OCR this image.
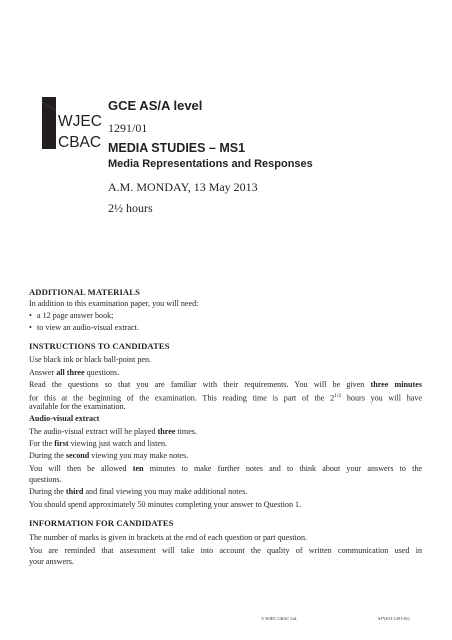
WJEC
CBAC
GCE AS/A level
1291/01
MEDIA STUDIES – MS1
Media Representations and Responses
A.M. MONDAY, 13 May 2013
2½ hours
ADDITIONAL MATERIALS
In addition to this examination paper, you will need:
• a 12 page answer book;
• to view an audio-visual extract.
INSTRUCTIONS TO CANDIDATES
Use black ink or black ball-point pen.
Answer all three questions.
Read the questions so that you are familiar with their requirements. You will be given three minutes
for this at the beginning of the examination. This reading time is part of the $2^{1/2}$ hours you will have
available for the examination.
Audio-visual extract
The audio-visual extract will be played three times.
For the first viewing just watch and listen.
During the second viewing you may make notes.
You will then be allowed ten minutes to make further notes and to think about your answers to the
questions.
During the third and final viewing you may make additional notes.
You should spend approximately 50 minutes completing your answer to Question 1.
INFORMATION FOR CANDIDATES
The number of marks is given in brackets at the end of each question or part question.
You are reminded that assessment will take into account the quality of written communication used in
your answers.
© WJEC CBAC Ltd.	SJ*(S13-1291-01)
